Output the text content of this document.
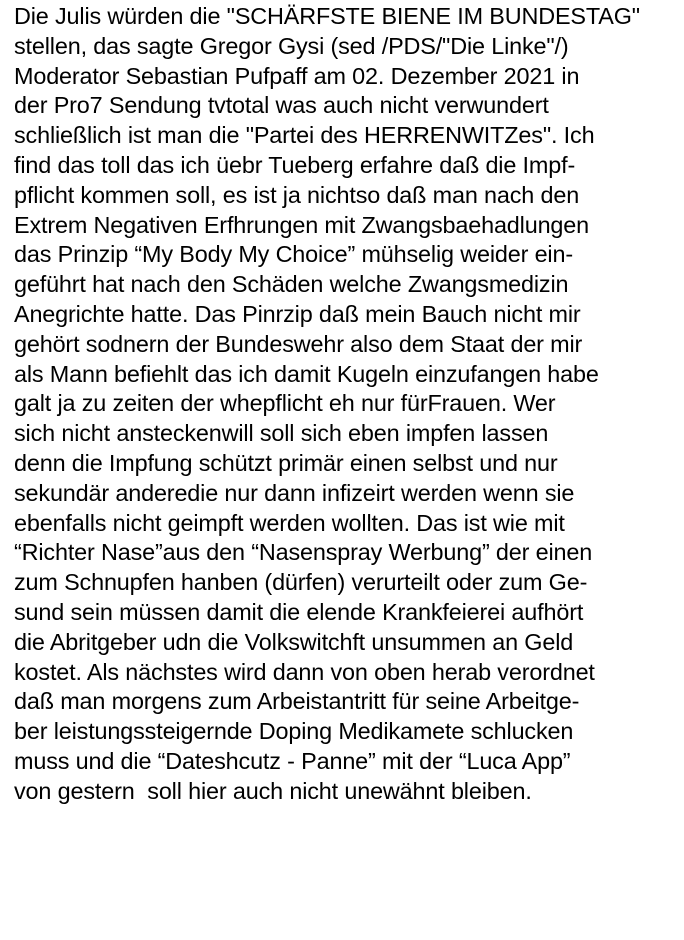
Die Julis würden die "SCHÄRFSTE BIENE IM BUNDESTAG"
stellen, das sagte Gregor Gysi (sed /PDS/"Die Linke"/)
Moderator Sebastian Pufpaff am 02. Dezember 2021 in
der Pro7 Sendung tvtotal was auch nicht verwundert
schließlich ist man die "Partei des HERRENWITZes". Ich
find das toll das ich üebr Tueberg erfahre daß die Impf-
pflicht kommen soll, es ist ja nichtso daß man nach den
Extrem Negativen Erfhrungen mit Zwangsbaehadlungen
das Prinzip “My Body My Choice” mühselig weider ein-
geführt hat nach den Schäden welche Zwangsmedizin
Anegrichte hatte. Das Pinrzip daß mein Bauch nicht mir
gehört sodnern der Bundeswehr also dem Staat der mir
als Mann befiehlt das ich damit Kugeln einzufangen habe
galt ja zu zeiten der whepflicht eh nur fürFrauen. Wer
sich nicht ansteckenwill soll sich eben impfen lassen
denn die Impfung schützt primär einen selbst und nur
sekundär anderedie nur dann infizeirt werden wenn sie
ebenfalls nicht geimpft werden wollten. Das ist wie mit
“Richter Nase”aus den “Nasenspray Werbung” der einen
zum Schnupfen hanben (dürfen) verurteilt oder zum Ge-
sund sein müssen damit die elende Krankfeierei aufhört
die Abritgeber udn die Volkswitchft unsummen an Geld
kostet. Als nächstes wird dann von oben herab verordnet
daß man morgens zum Arbeistantritt für seine Arbeitge-
ber leistungssteigernde Doping Medikamete schlucken
muss und die “Dateshcutz - Panne” mit der “Luca App”
von gestern  soll hier auch nicht unewähnt bleiben.
